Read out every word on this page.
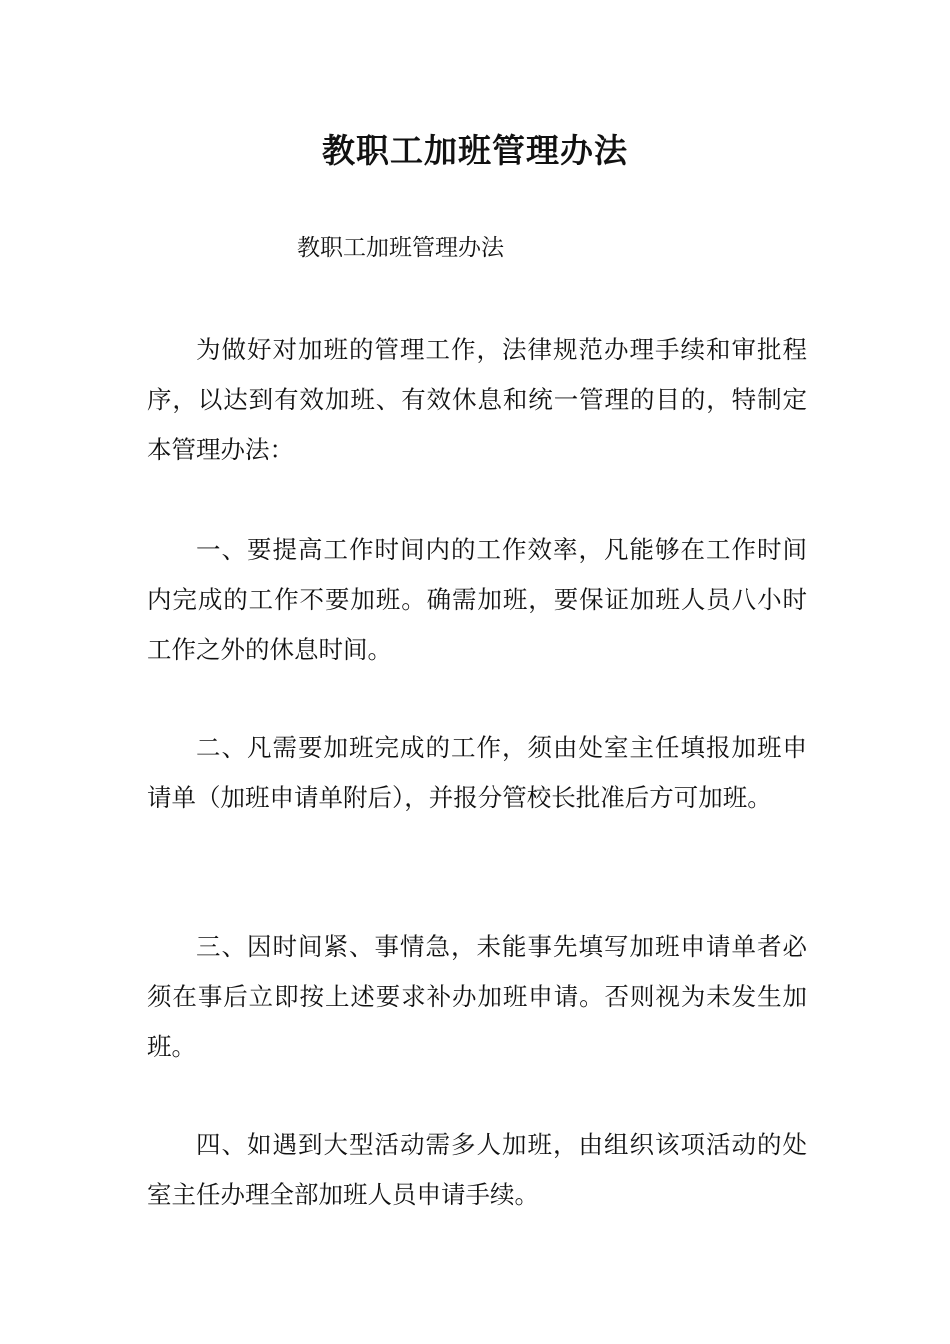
教职工加班管理办法
教职工加班管理办法

为做好对加班的管理工作，法律规范办理手续和审批程序，以达到有效加班、有效休息和统一管理的目的，特制定本管理办法：

一、要提高工作时间内的工作效率，凡能够在工作时间内完成的工作不要加班。确需加班，要保证加班人员八小时工作之外的休息时间。

二、凡需要加班完成的工作，须由处室主任填报加班申请单（加班申请单附后），并报分管校长批准后方可加班。

三、因时间紧、事情急，未能事先填写加班申请单者必须在事后立即按上述要求补办加班申请。否则视为未发生加班。

四、如遇到大型活动需多人加班，由组织该项活动的处室主任办理全部加班人员申请手续。
